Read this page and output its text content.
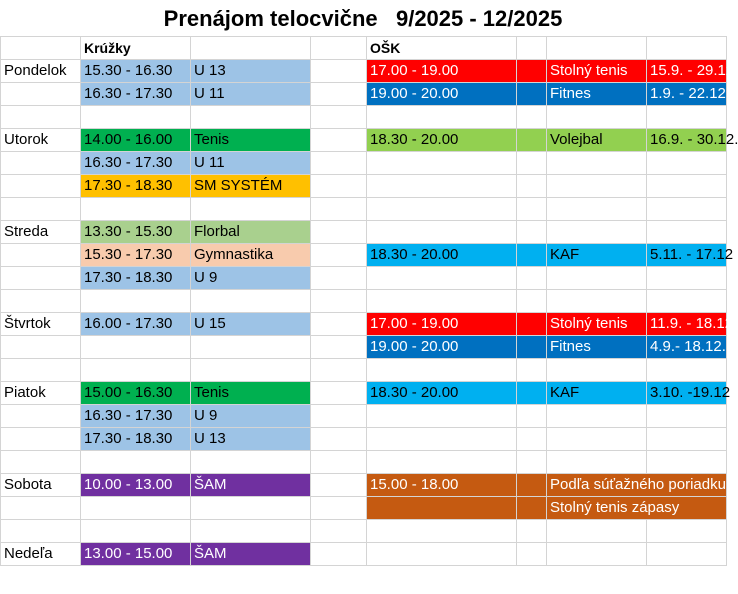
Prenájom telocvične   9/2025 - 12/2025
	Krúžky			OŠK			
Pondelok	15.30 - 16.30	U 13		17.00 - 19.00		Stolný tenis	15.9. - 29.12.
	16.30 - 17.30	U 11		19.00 - 20.00		Fitnes	1.9. - 22.12

Utorok	14.00 - 16.00	Tenis		18.30 - 20.00		Volejbal	16.9. - 30.12.
	16.30 - 17.30	U 11					
	17.30 - 18.30	SM SYSTÉM					

Streda	13.30 - 15.30	Florbal					
	15.30 - 17.30	Gymnastika		18.30 - 20.00		KAF	5.11. - 17.12
	17.30 - 18.30	U 9					

Štvrtok	16.00 - 17.30	U 15		17.00 - 19.00		Stolný tenis	11.9. - 18.12
				19.00 - 20.00		Fitnes	4.9.- 18.12.

Piatok	15.00 - 16.30	Tenis		18.30 - 20.00		KAF	3.10. -19.12
	16.30 - 17.30	U 9					
	17.30 - 18.30	U 13					

Sobota	10.00 - 13.00	ŠAM		15.00 - 18.00		Podľa súťažného poriadku	
						Stolný tenis zápasy	

Nedeľa	13.00 - 15.00	ŠAM					
